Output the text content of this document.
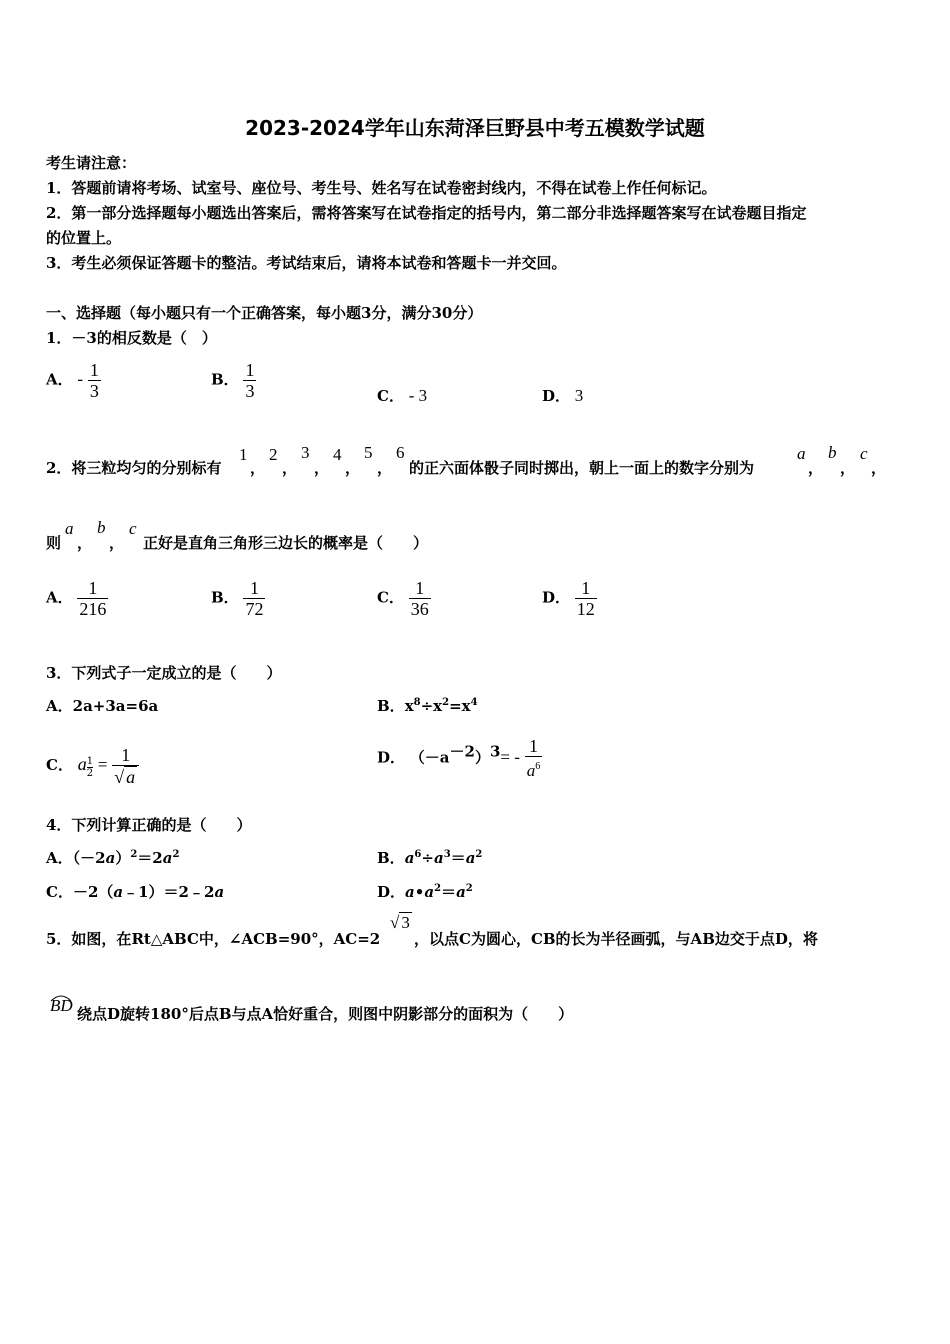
2023-2024学年山东菏泽巨野县中考五模数学试题
考生请注意：
1．答题前请将考场、试室号、座位号、考生号、姓名写在试卷密封线内，不得在试卷上作任何标记。
2．第一部分选择题每小题选出答案后，需将答案写在试卷指定的括号内，第二部分非选择题答案写在试卷题目指定
的位置上。
3．考生必须保证答题卡的整洁。考试结束后，请将本试卷和答题卡一并交回。
一、选择题（每小题只有一个正确答案，每小题3分，满分30分）
1．－3的相反数是（　）
A． - $\frac{1}{3}$	B． $\frac{1}{3}$	C． - 3	D． 3
2．将三粒均匀的分别标有
1
，
2
，
3
，
4
，
5
，
6
的正六面体骰子同时掷出，朝上一面上的数字分别为
a
，
b
，
c
，
则
a
，
b
，
c
正好是直角三角形三边长的概率是（　　）
A． $\frac{1}{216}$	B． $\frac{1}{72}$	C． $\frac{1}{36}$	D． $\frac{1}{12}$
3．下列式子一定成立的是（　　）
A．2a+3a=6a	B．$x^8\div x^2=x^4$
C． a $\frac{1}{2} = \frac{1}{√ a}$	D． $(-a^{-2})^3= - \frac{1}{a^6}$
4．下列计算正确的是（　　）
A．$(-2a)^2=2a^2$	B．$a^6\div a^3=a^2$
C．－2（a﹣1）＝2﹣2a	D．$a•a^2=a^2$
5．如图，在Rt△ABC中，∠ACB=90°，AC=2
√ 3
，以点C为圆心，CB的长为半径画弧，与AB边交于点D，将
BD 绕点D旋转180°后点B与点A恰好重合，则图中阴影部分的面积为（　　）
